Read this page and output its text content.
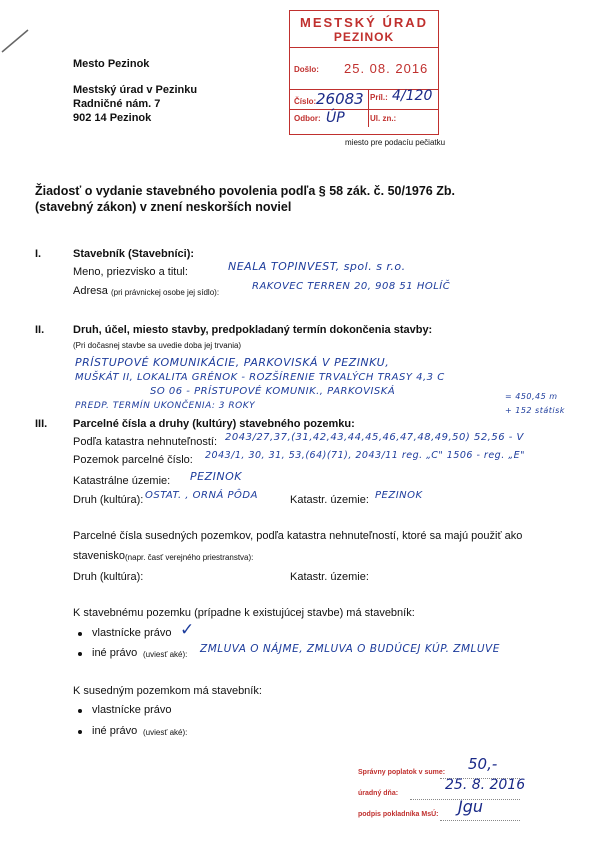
Mesto Pezinok
Mestský úrad v Pezinku
Radničné nám. 7
902 14 Pezinok
MESTSKÝ ÚRAD
PEZINOK
Došlo: 25. 08. 2016
Číslo: 26083 Príl.: 4/120
Odbor: ÚP	Ul. zn.:
miesto pre podacíu pečiatku
Žiadosť o vydanie stavebného povolenia podľa § 58 zák. č. 50/1976 Zb.
(stavebný zákon) v znení neskorších noviel
I.	Stavebník (Stavebníci):
Meno, priezvisko a titul:	NEALA TOPINVEST, spol. s r.o.
Adresa (pri právnickej osobe jej sídlo):
RAKOVEC TERREN 20, 908 51 HOLÍČ
II.	Druh, účel, miesto stavby, predpokladaný termín dokončenia stavby:
(Pri dočasnej stavbe sa uvedie doba jej trvania)
PRÍSTUPOVÉ KOMUNIKÁCIE, PARKOVISKÁ V PEZINKU,
MUŠKÁT II, LOKALITA GRÉNOK - ROZŠÍRENIE TRVALÝCH TRASY 4,3 C
SO 06 - PRÍSTUPOVÉ KOMUNIK., PARKOVISKÁ
PREDP. TERMÍN UKONČENIA: 3 ROKY
= 450,45 m
+ 152 státisk
III. Parcelné čísla a druhy (kultúry) stavebného pozemku:
Podľa katastra nehnuteľností: 2043/27,37,(31,42,43,44,45,46,47,48,49,50) 52,56 - V
Pozemok parcelné číslo: 2043/1, 30, 31, 53,(64)(71), 2043/11 reg. „C" 1506 - reg. „E"
Katastrálne územie: PEZINOK
Druh (kultúra): OSTAT. , ORNÁ PÔDA	Katastr. územie: PEZINOK
Parcelné čísla susedných pozemkov, podľa katastra nehnuteľností, ktoré sa majú použiť ako
stavenisko (napr. časť verejného priestranstva):
Druh (kultúra):	Katastr. územie:
K stavebnému pozemku (prípadne k existujúcej stavbe) má stavebník:
vlastnícke právo ✓
iné právo (uviesť aké): ZMLUVA O NÁJME, ZMLUVA O BUDÚCEJ KÚP. ZMLUVE
K susedným pozemkom má stavebník:
vlastnícke právo
iné právo (uviesť aké):
Správny poplatok v sume: 50,-
úradný dňa:
25. 8. 2016
podpis pokladníka MsÚ: Jgu
